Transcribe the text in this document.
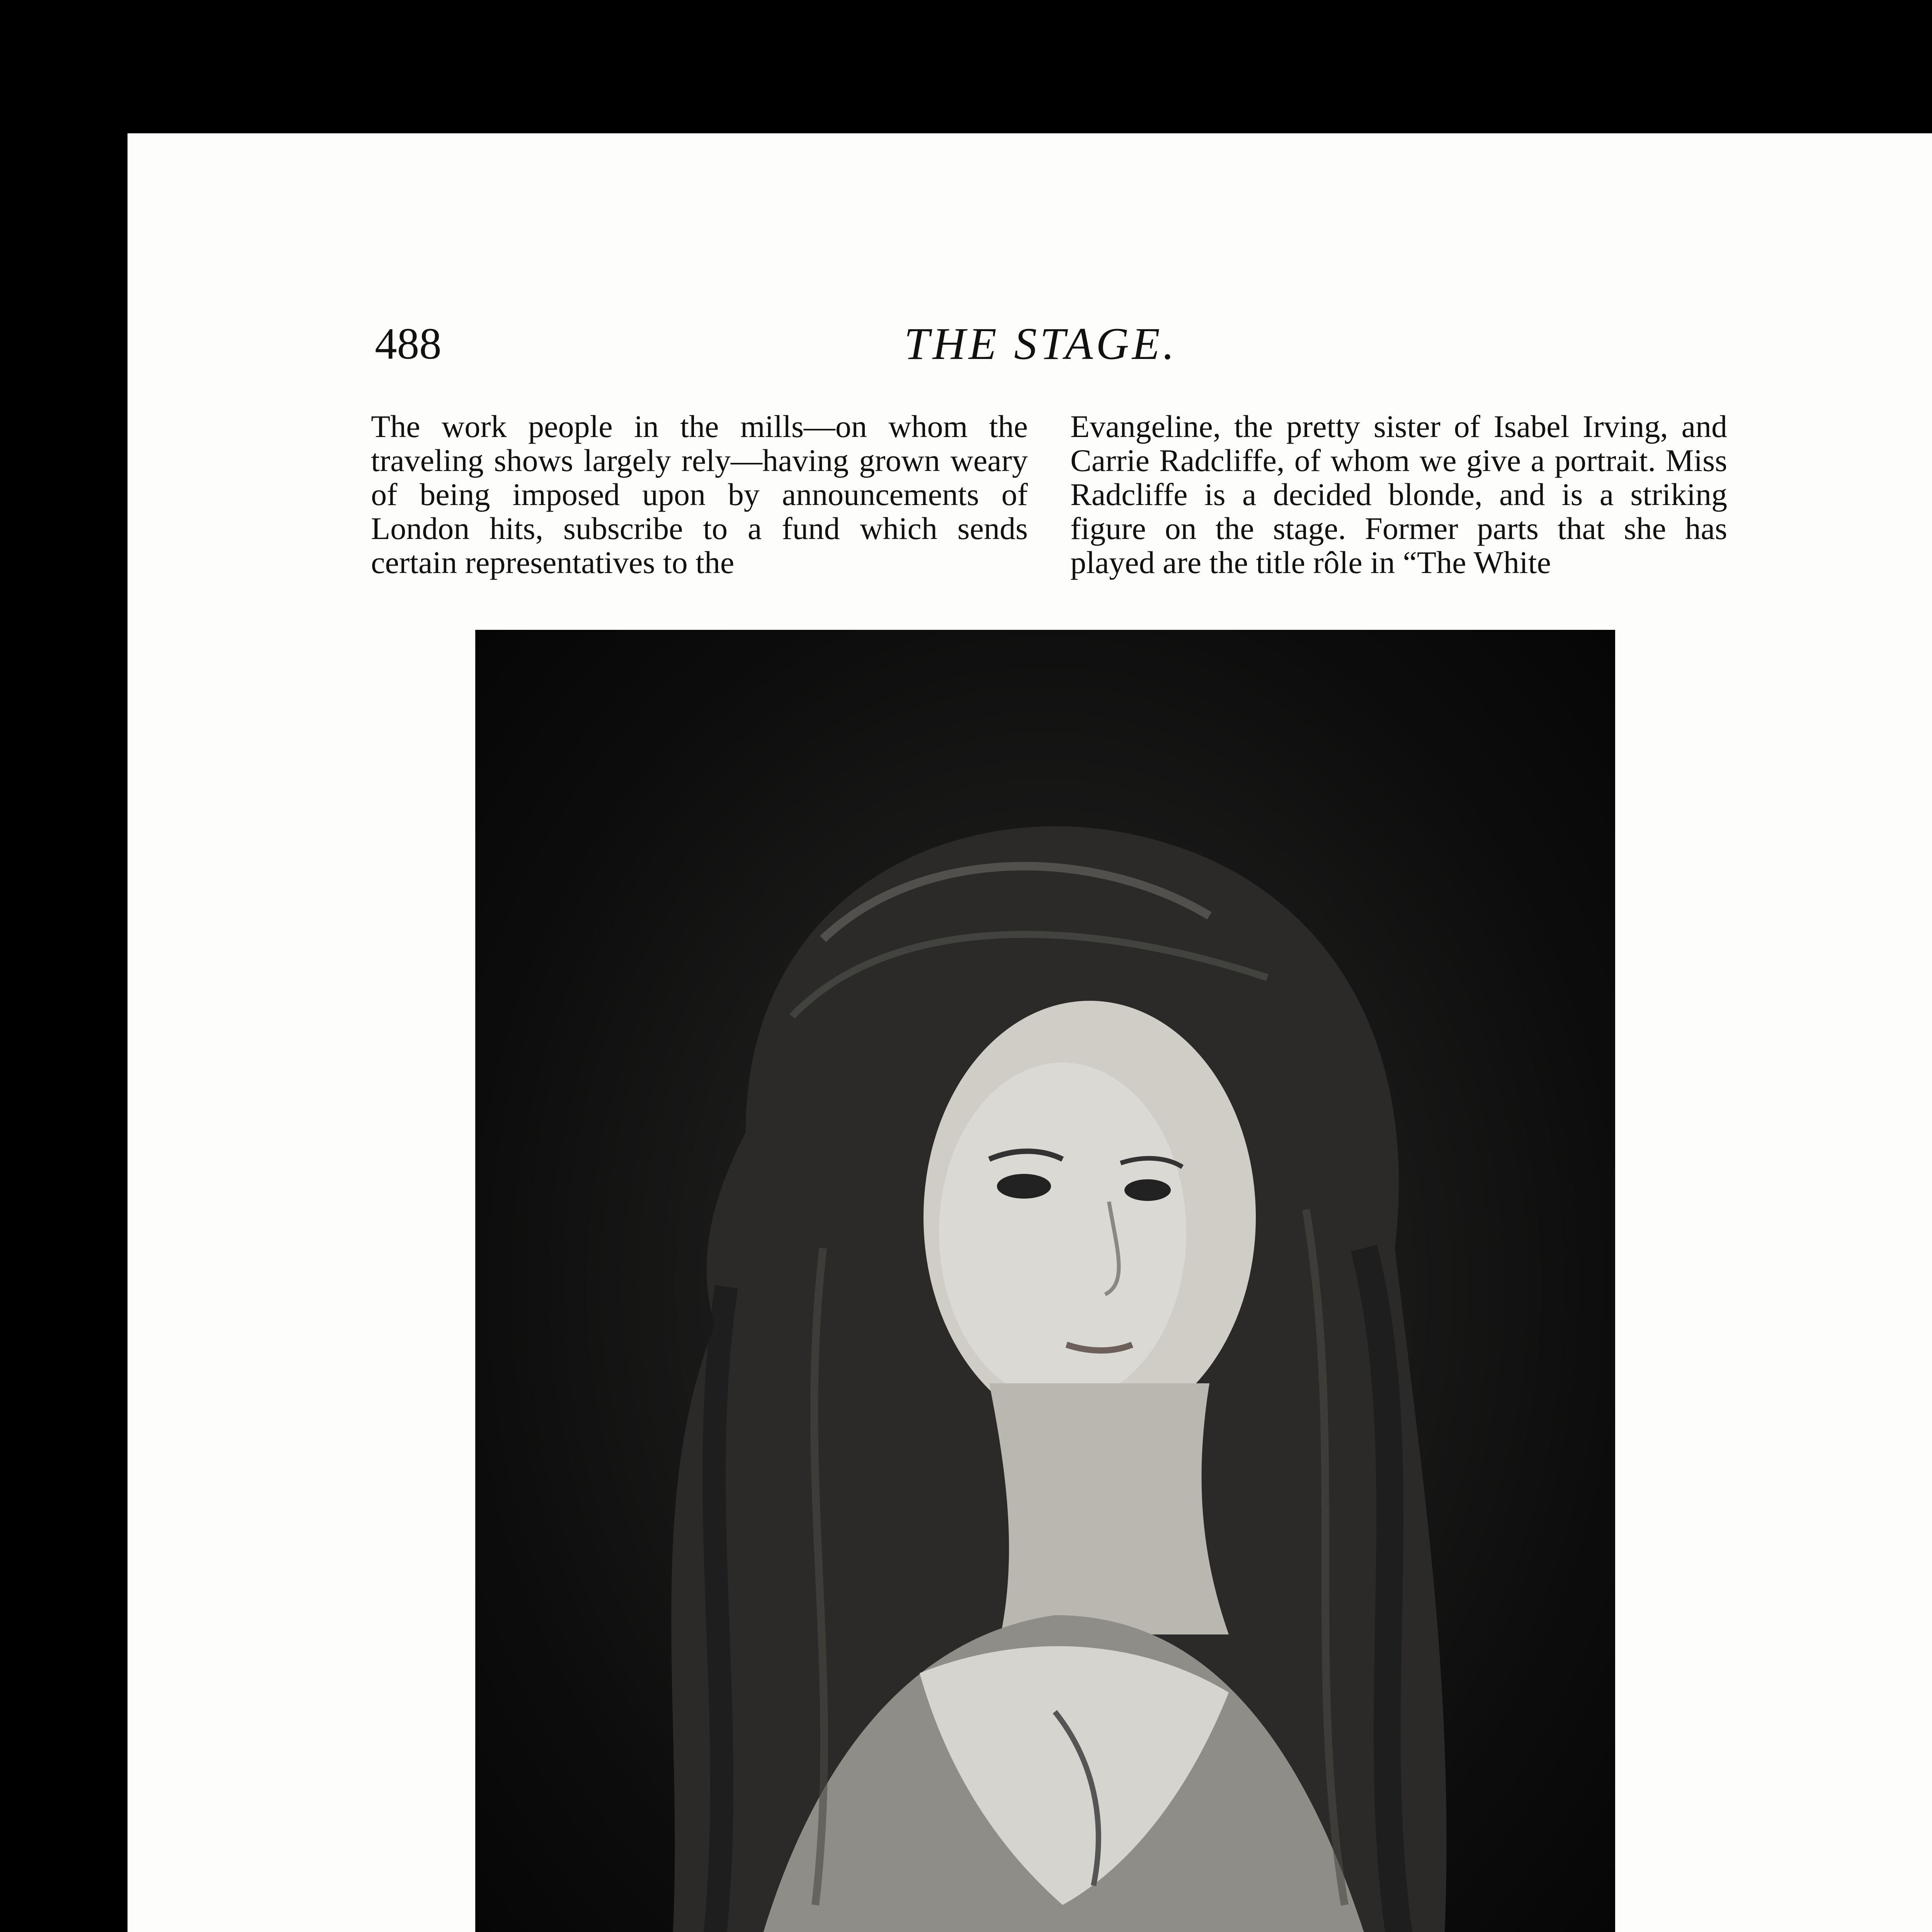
488	THE STAGE.

The work people in the mills—on whom the traveling shows largely rely—having grown weary of being imposed upon by announcements of London hits, subscribe to a fund which sends certain representatives to the

Evangeline, the pretty sister of Isabel Irving, and Carrie Radcliffe, of whom we give a portrait. Miss Radcliffe is a decided blonde, and is a striking figure on the stage. Former parts that she has played are the title rôle in “The White
